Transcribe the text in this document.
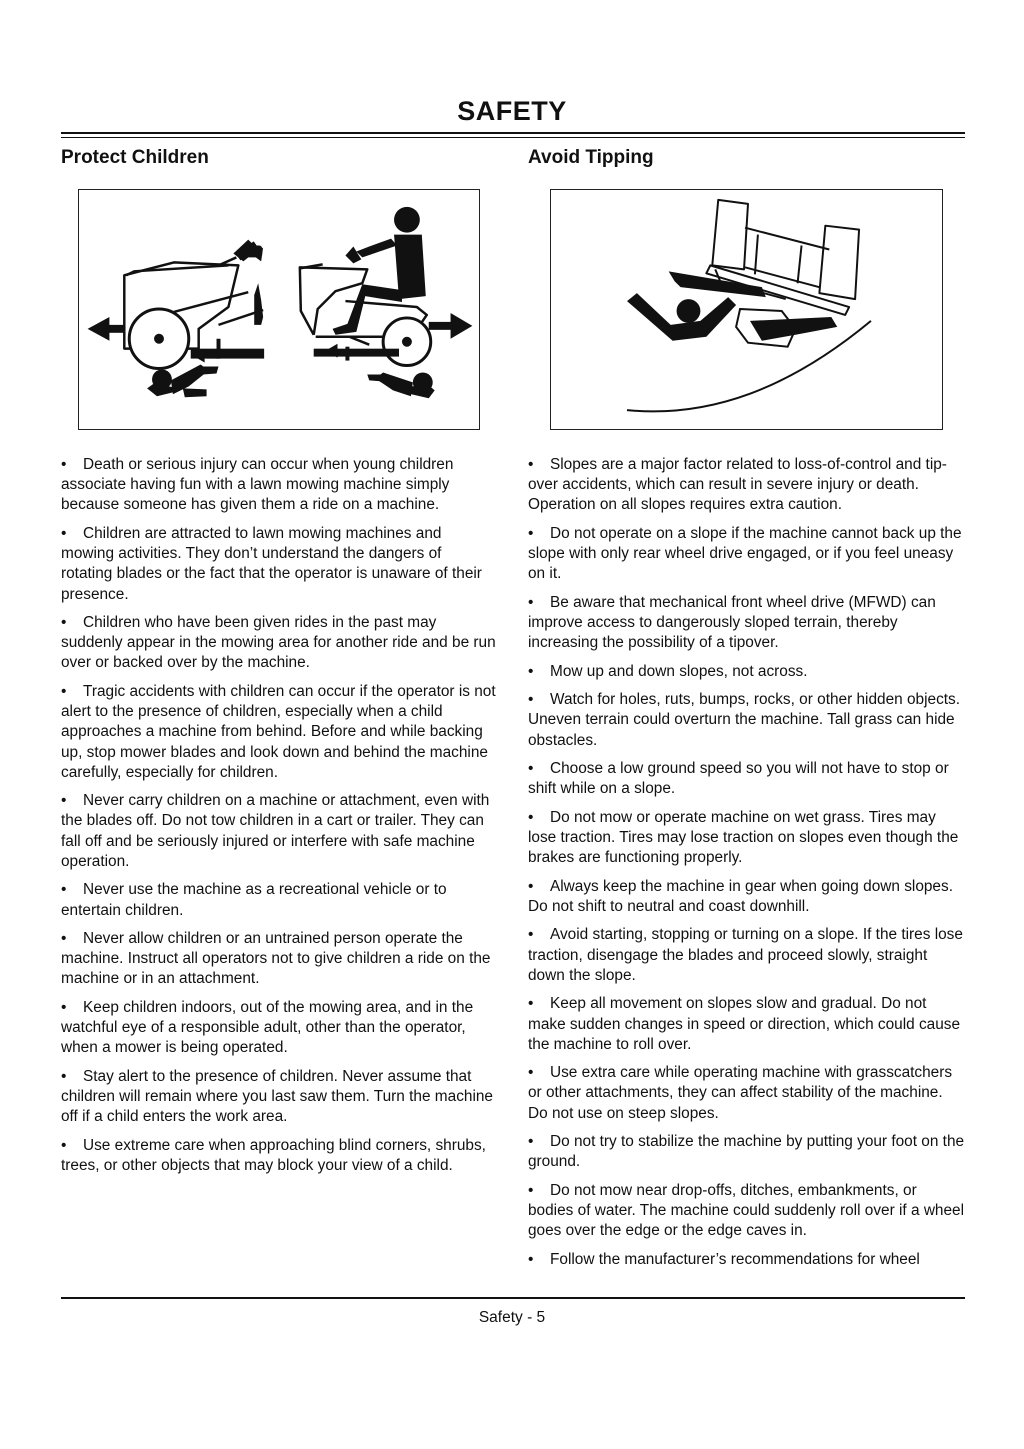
SAFETY
Protect Children
• Death or serious injury can occur when young children associate having fun with a lawn mowing machine simply because someone has given them a ride on a machine.
• Children are attracted to lawn mowing machines and mowing activities. They don’t understand the dangers of rotating blades or the fact that the operator is unaware of their presence.
• Children who have been given rides in the past may suddenly appear in the mowing area for another ride and be run over or backed over by the machine.
• Tragic accidents with children can occur if the operator is not alert to the presence of children, especially when a child approaches a machine from behind. Before and while backing up, stop mower blades and look down and behind the machine carefully, especially for children.
• Never carry children on a machine or attachment, even with the blades off. Do not tow children in a cart or trailer. They can fall off and be seriously injured or interfere with safe machine operation.
• Never use the machine as a recreational vehicle or to entertain children.
• Never allow children or an untrained person operate the machine. Instruct all operators not to give children a ride on the machine or in an attachment.
• Keep children indoors, out of the mowing area, and in the watchful eye of a responsible adult, other than the operator, when a mower is being operated.
• Stay alert to the presence of children. Never assume that children will remain where you last saw them. Turn the machine off if a child enters the work area.
• Use extreme care when approaching blind corners, shrubs, trees, or other objects that may block your view of a child.
Avoid Tipping
• Slopes are a major factor related to loss-of-control and tip-over accidents, which can result in severe injury or death. Operation on all slopes requires extra caution.
• Do not operate on a slope if the machine cannot back up the slope with only rear wheel drive engaged, or if you feel uneasy on it.
• Be aware that mechanical front wheel drive (MFWD) can improve access to dangerously sloped terrain, thereby increasing the possibility of a tipover.
• Mow up and down slopes, not across.
• Watch for holes, ruts, bumps, rocks, or other hidden objects. Uneven terrain could overturn the machine. Tall grass can hide obstacles.
• Choose a low ground speed so you will not have to stop or shift while on a slope.
• Do not mow or operate machine on wet grass. Tires may lose traction. Tires may lose traction on slopes even though the brakes are functioning properly.
• Always keep the machine in gear when going down slopes. Do not shift to neutral and coast downhill.
• Avoid starting, stopping or turning on a slope. If the tires lose traction, disengage the blades and proceed slowly, straight down the slope.
• Keep all movement on slopes slow and gradual. Do not make sudden changes in speed or direction, which could cause the machine to roll over.
• Use extra care while operating machine with grasscatchers or other attachments, they can affect stability of the machine. Do not use on steep slopes.
• Do not try to stabilize the machine by putting your foot on the ground.
• Do not mow near drop-offs, ditches, embankments, or bodies of water. The machine could suddenly roll over if a wheel goes over the edge or the edge caves in.
• Follow the manufacturer’s recommendations for wheel
Safety - 5
